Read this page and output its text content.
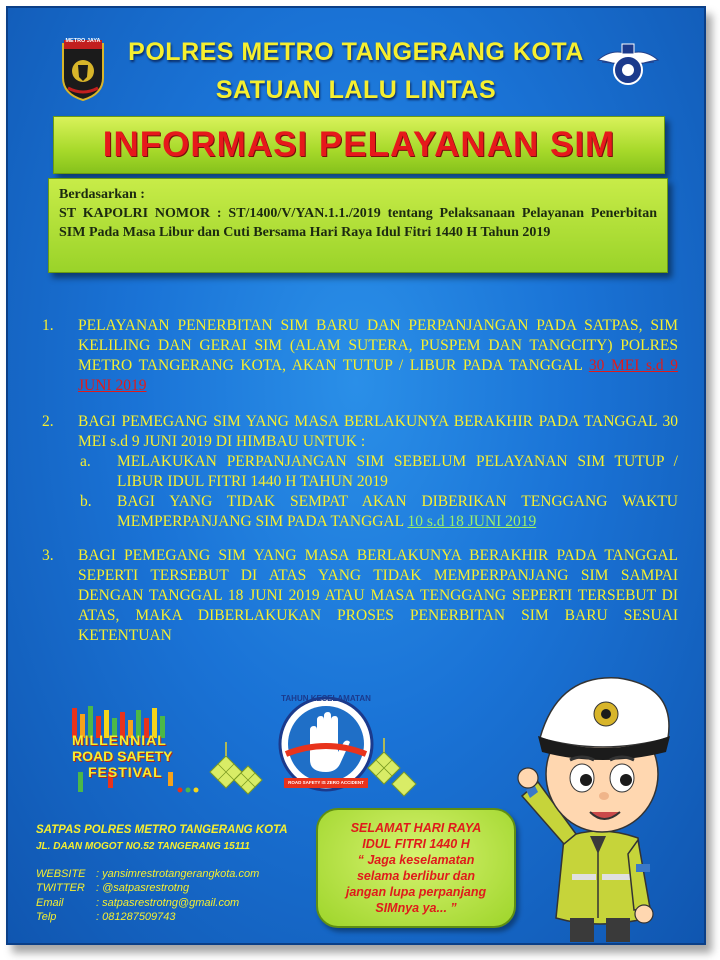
METRO JAYA	POLRES METRO TANGERANG KOTA
SATUAN LALU LINTAS
INFORMASI PELAYANAN SIM
Berdasarkan :
ST KAPOLRI NOMOR : ST/1400/V/YAN.1.1./2019 tentang Pelaksanaan Pelayanan Penerbitan SIM Pada Masa Libur dan Cuti Bersama Hari Raya Idul Fitri 1440 H Tahun 2019
1. PELAYANAN PENERBITAN SIM BARU DAN PERPANJANGAN PADA SATPAS, SIM KELILING DAN GERAI SIM (ALAM SUTERA, PUSPEM DAN TANGCITY) POLRES METRO TANGERANG KOTA, AKAN TUTUP / LIBUR PADA TANGGAL 30 MEI s.d 9 JUNI 2019
2. BAGI PEMEGANG SIM YANG MASA BERLAKUNYA BERAKHIR PADA TANGGAL 30 MEI s.d 9 JUNI 2019 DI HIMBAU UNTUK :
a. MELAKUKAN PERPANJANGAN SIM SEBELUM PELAYANAN SIM TUTUP / LIBUR IDUL FITRI 1440 H TAHUN 2019
b. BAGI YANG TIDAK SEMPAT AKAN DIBERIKAN TENGGANG WAKTU MEMPERPANJANG SIM PADA TANGGAL 10 s.d 18 JUNI 2019
3. BAGI PEMEGANG SIM YANG MASA BERLAKUNYA BERAKHIR PADA TANGGAL SEPERTI TERSEBUT DI ATAS YANG TIDAK MEMPERPANJANG SIM SAMPAI DENGAN TANGGAL 18 JUNI 2019 ATAU MASA TENGGANG SEPERTI TERSEBUT DI ATAS, MAKA DIBERLAKUKAN PROSES PENERBITAN SIM BARU SESUAI KETENTUAN
MILLENNIAL
ROAD SAFETY
FESTIVAL
TAHUN KESELAMATAN
ROAD SAFETY IS ZERO ACCIDENT
SATPAS POLRES METRO TANGERANG KOTA
JL. DAAN MOGOT NO.52 TANGERANG 15111
WEBSITE : yansimrestrotangerangkota.com
TWITTER : @satpasrestrotng
Email	: satpasrestrotng@gmail.com
Telp	: 081287509743
SELAMAT HARI RAYA
IDUL FITRI 1440 H
“ Jaga keselamatan
selama berlibur dan
jangan lupa perpanjang
SIMnya ya... ”
